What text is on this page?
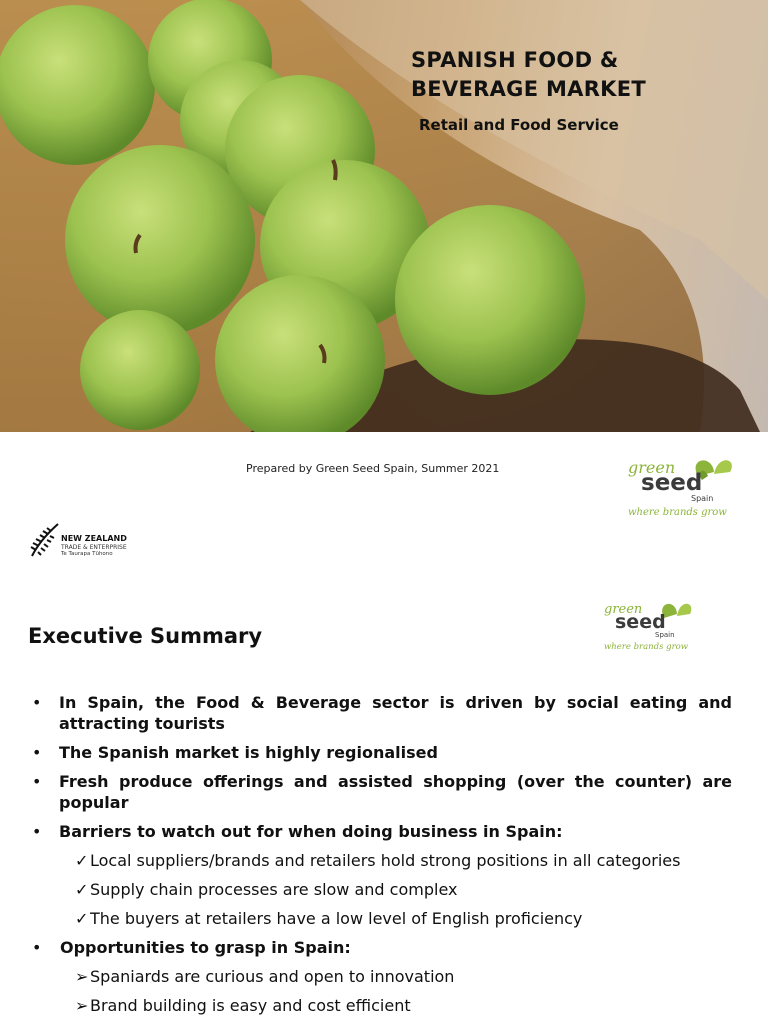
SPANISH FOOD &
BEVERAGE MARKET
Retail and Food Service
Prepared by Green Seed Spain, Summer 2021	green
seed
Spain
where brands grow
NEW ZEALAND
TRADE & ENTERPRISE
Te Taurapa Tūhono
Executive Summary
green
seed
Spain
where brands grow
• In Spain, the Food & Beverage sector is driven by social eating and attracting tourists
• The Spanish market is highly regionalised
• Fresh produce offerings and assisted shopping (over the counter) are popular
• Barriers to watch out for when doing business in Spain:
✓ Local suppliers/brands and retailers hold strong positions in all categories
✓ Supply chain processes are slow and complex
✓ The buyers at retailers have a low level of English proficiency
• Opportunities to grasp in Spain:
➢ Spaniards are curious and open to innovation
➢ Brand building is easy and cost efficient
